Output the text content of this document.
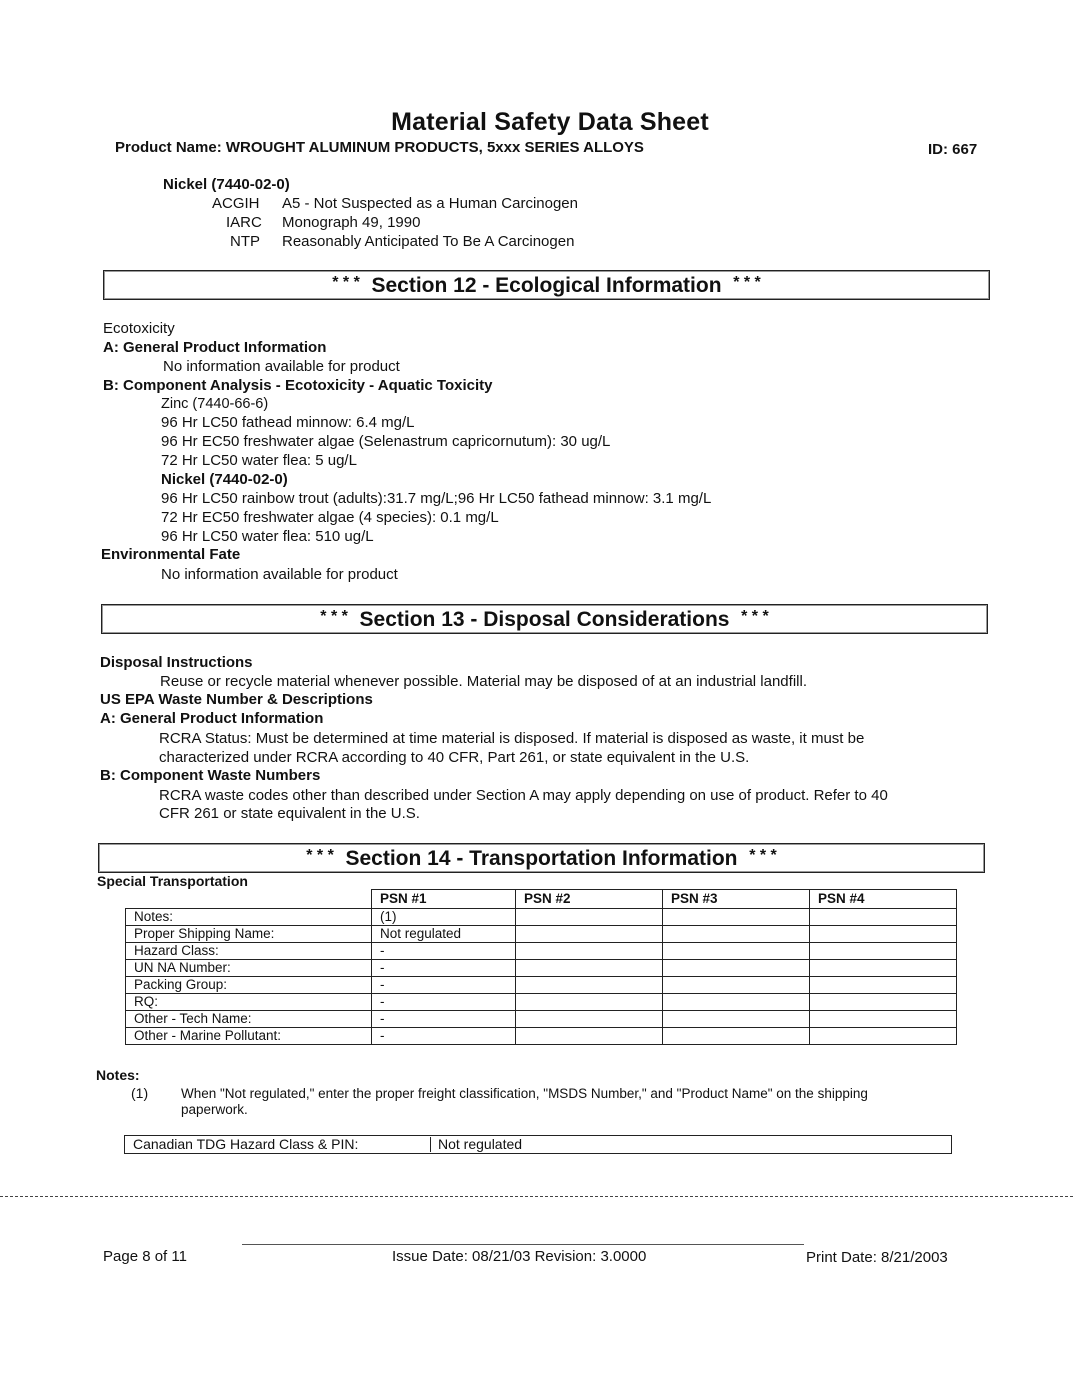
Material Safety Data Sheet
Product Name: WROUGHT ALUMINUM PRODUCTS, 5xxx SERIES ALLOYS	ID: 667
Nickel (7440-02-0)
ACGIH A5 - Not Suspected as a Human Carcinogen
IARC Monograph 49, 1990
NTP Reasonably Anticipated To Be A Carcinogen
* * * Section 12 - Ecological Information * * *
Ecotoxicity
A: General Product Information
No information available for product
B: Component Analysis - Ecotoxicity - Aquatic Toxicity
Zinc (7440-66-6)
96 Hr LC50 fathead minnow: 6.4 mg/L
96 Hr EC50 freshwater algae (Selenastrum capricornutum): 30 ug/L
72 Hr LC50 water flea: 5 ug/L
Nickel (7440-02-0)
96 Hr LC50 rainbow trout (adults):31.7 mg/L;96 Hr LC50 fathead minnow: 3.1 mg/L
72 Hr EC50 freshwater algae (4 species): 0.1 mg/L
96 Hr LC50 water flea: 510 ug/L
Environmental Fate
No information available for product
* * * Section 13 - Disposal Considerations * * *
Disposal Instructions
Reuse or recycle material whenever possible. Material may be disposed of at an industrial landfill.
US EPA Waste Number & Descriptions
A: General Product Information
RCRA Status: Must be determined at time material is disposed. If material is disposed as waste, it must be
characterized under RCRA according to 40 CFR, Part 261, or state equivalent in the U.S.
B: Component Waste Numbers
RCRA waste codes other than described under Section A may apply depending on use of product. Refer to 40
CFR 261 or state equivalent in the U.S.
* * * Section 14 - Transportation Information * * *
Special Transportation
	PSN #1	PSN #2	PSN #3	PSN #4
Notes:	(1)			
Proper Shipping Name:	Not regulated			
Hazard Class:	-			
UN NA Number:	-			
Packing Group:	-			
RQ:	-			
Other - Tech Name:	-			
Other - Marine Pollutant:	-			
Notes:
(1) When "Not regulated," enter the proper freight classification, "MSDS Number," and "Product Name" on the shipping
paperwork.
Canadian TDG Hazard Class & PIN:	Not regulated
Page 8 of 11	Issue Date: 08/21/03 Revision: 3.0000	Print Date: 8/21/2003
